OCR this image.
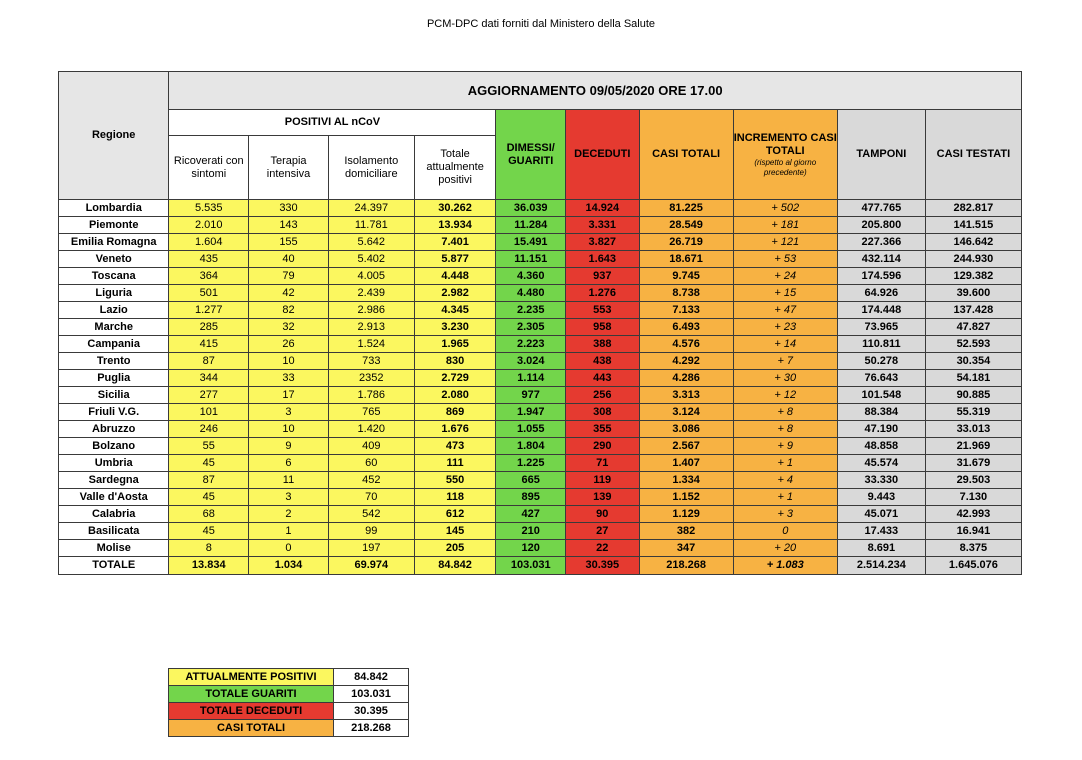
PCM-DPC dati forniti dal Ministero della Salute
Regione	AGGIORNAMENTO 09/05/2020 ORE 17.00									
	POSITIVI AL nCoV				DIMESSI/ GUARITI	DECEDUTI	CASI TOTALI	INCREMENTO CASI TOTALI
(rispetto al giorno precedente)	TAMPONI	CASI TESTATI
	Ricoverati con sintomi	Terapia intensiva	Isolamento domiciliare	Totale attualmente positivi						
Lombardia	5.535	330	24.397	30.262	36.039	14.924	81.225	+ 502	477.765	282.817
Piemonte	2.010	143	11.781	13.934	11.284	3.331	28.549	+ 181	205.800	141.515
Emilia Romagna	1.604	155	5.642	7.401	15.491	3.827	26.719	+ 121	227.366	146.642
Veneto	435	40	5.402	5.877	11.151	1.643	18.671	+ 53	432.114	244.930
Toscana	364	79	4.005	4.448	4.360	937	9.745	+ 24	174.596	129.382
Liguria	501	42	2.439	2.982	4.480	1.276	8.738	+ 15	64.926	39.600
Lazio	1.277	82	2.986	4.345	2.235	553	7.133	+ 47	174.448	137.428
Marche	285	32	2.913	3.230	2.305	958	6.493	+ 23	73.965	47.827
Campania	415	26	1.524	1.965	2.223	388	4.576	+ 14	110.811	52.593
Trento	87	10	733	830	3.024	438	4.292	+ 7	50.278	30.354
Puglia	344	33	2352	2.729	1.114	443	4.286	+ 30	76.643	54.181
Sicilia	277	17	1.786	2.080	977	256	3.313	+ 12	101.548	90.885
Friuli V.G.	101	3	765	869	1.947	308	3.124	+ 8	88.384	55.319
Abruzzo	246	10	1.420	1.676	1.055	355	3.086	+ 8	47.190	33.013
Bolzano	55	9	409	473	1.804	290	2.567	+ 9	48.858	21.969
Umbria	45	6	60	111	1.225	71	1.407	+ 1	45.574	31.679
Sardegna	87	11	452	550	665	119	1.334	+ 4	33.330	29.503
Valle d'Aosta	45	3	70	118	895	139	1.152	+ 1	9.443	7.130
Calabria	68	2	542	612	427	90	1.129	+ 3	45.071	42.993
Basilicata	45	1	99	145	210	27	382	0	17.433	16.941
Molise	8	0	197	205	120	22	347	+ 20	8.691	8.375
TOTALE	13.834	1.034	69.974	84.842	103.031	30.395	218.268	+ 1.083	2.514.234	1.645.076
ATTUALMENTE POSITIVI	84.842
TOTALE GUARITI	103.031
TOTALE DECEDUTI	30.395
CASI TOTALI	218.268
